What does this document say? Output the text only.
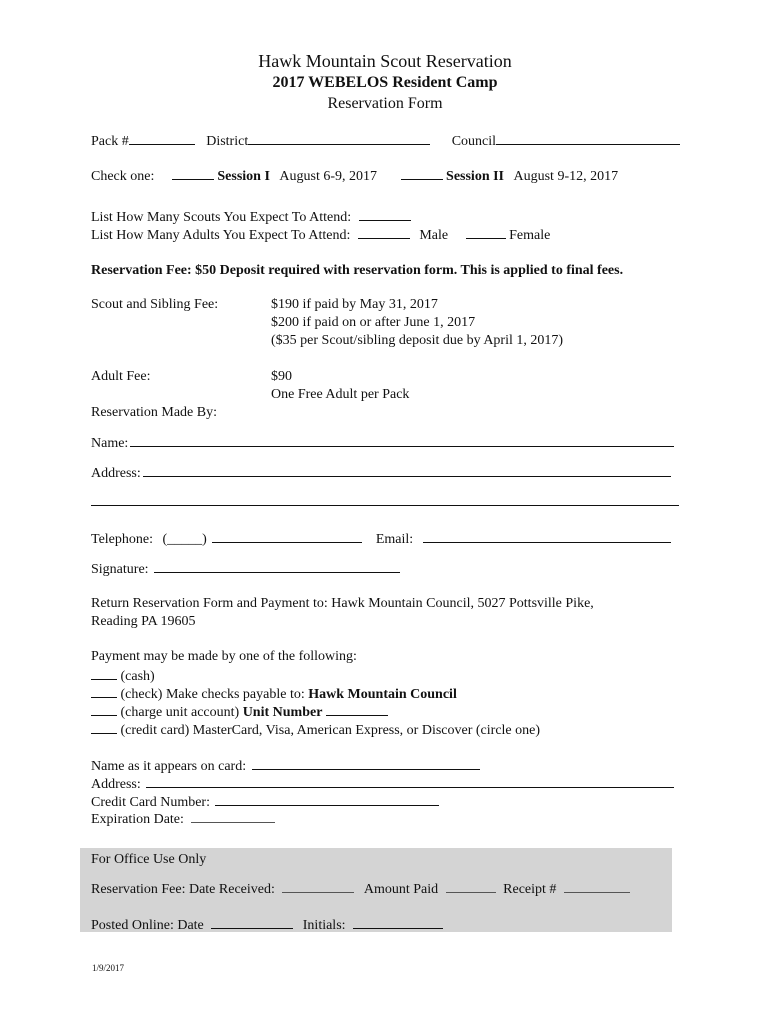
Hawk Mountain Scout Reservation
2017 WEBELOS Resident Camp
Reservation Form
Pack #	District	Council
Check one:	Session I August 6-9, 2017	Session II August 9-12, 2017
List How Many Scouts You Expect To Attend:
List How Many Adults You Expect To Attend:	Male	Female
Reservation Fee: $50 Deposit required with reservation form. This is applied to final fees.
Scout and Sibling Fee:	$190 if paid by May 31, 2017
$200 if paid on or after June 1, 2017
($35 per Scout/sibling deposit due by April 1, 2017)
Adult Fee:	$90
One Free Adult per Pack
Reservation Made By:
Name:
Address:
Telephone: (_____)	Email:
Signature:
Return Reservation Form and Payment to: Hawk Mountain Council, 5027 Pottsville Pike,
Reading PA 19605
Payment may be made by one of the following:
(cash)
(check) Make checks payable to: Hawk Mountain Council
(charge unit account) Unit Number
(credit card) MasterCard, Visa, American Express, or Discover (circle one)
Name as it appears on card:
Address:
Credit Card Number:
Expiration Date:
For Office Use Only
Reservation Fee: Date Received:	Amount Paid	Receipt #
Posted Online: Date	Initials:
1/9/2017
